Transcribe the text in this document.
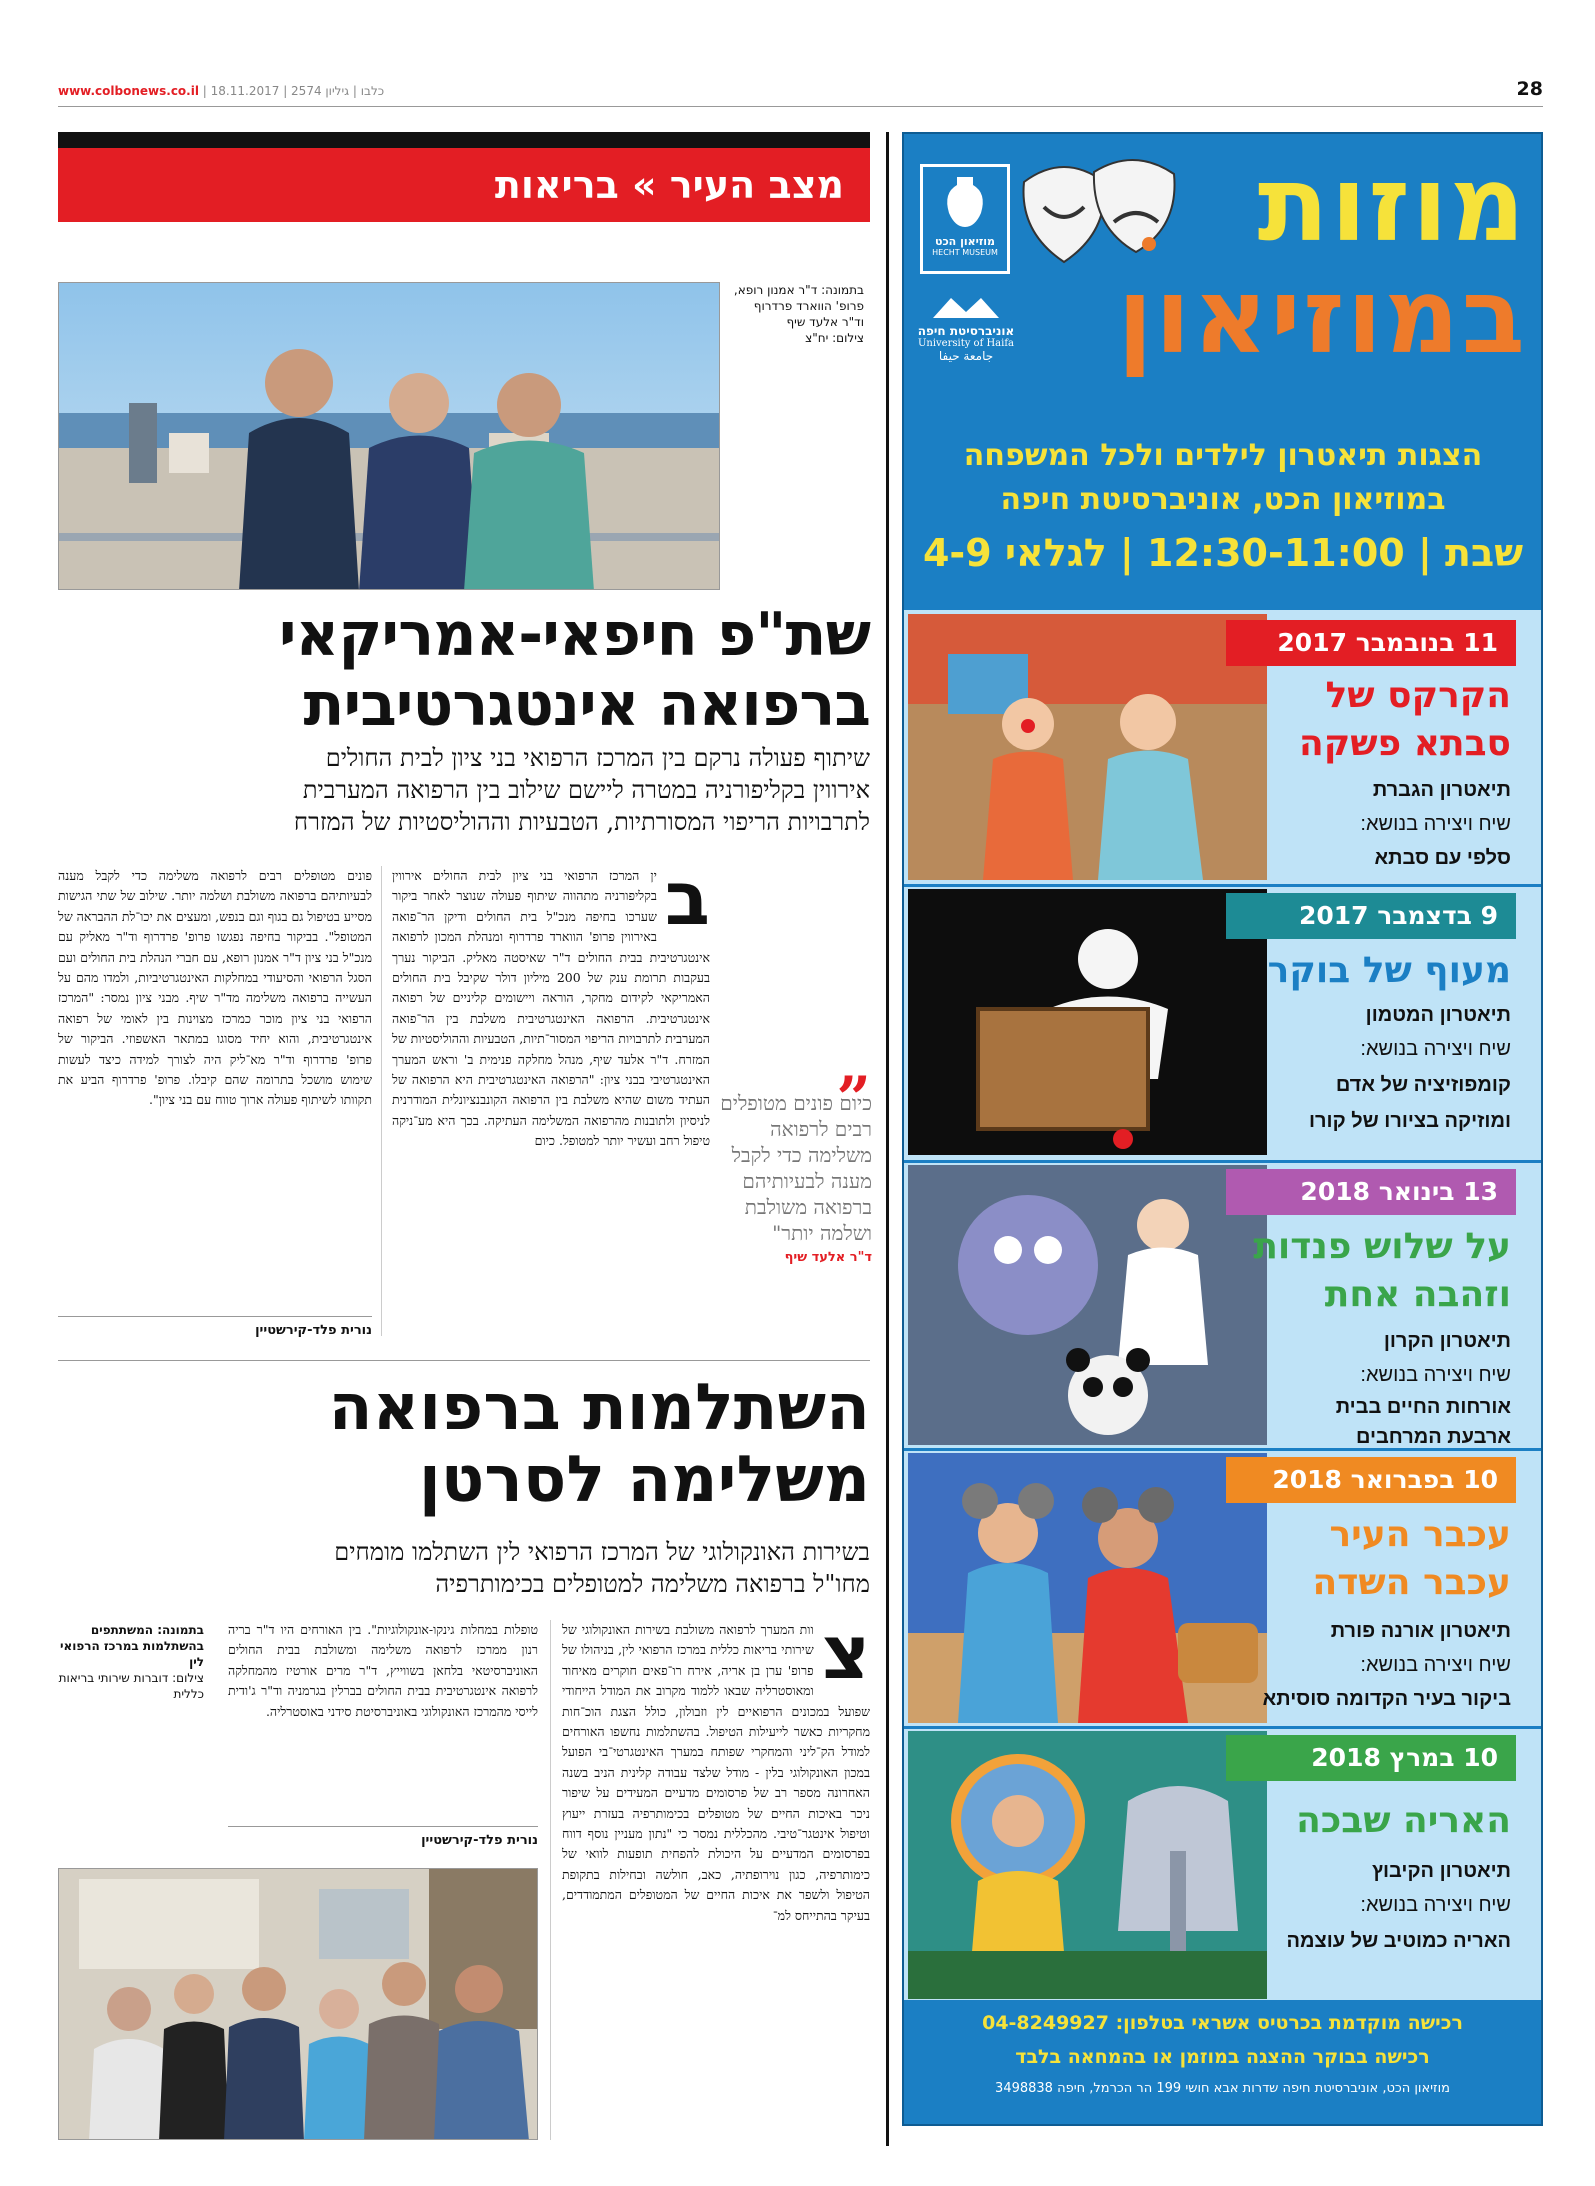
www.colbonews.co.il | כלבו | גיליון 2574 | 18.11.2017	28
מצב העיר » בריאות
בתמונה: ד"ר אמנון רופא, פרופ' הווארד פרדרוף וד"ר אלעד שיף
צילום: יח"צ
שת"פ חיפאי-אמריקאי
ברפואה אינטגרטיבית
שיתוף פעולה נרקם בין המרכז הרפואי בני ציון לבית החולים
אירווין בקליפורניה במטרה ליישם שילוב בין הרפואה המערבית
לתרבויות הריפוי המסורתיות, הטבעיות וההוליסטיות של המזרח
ב
ין המרכז הרפואי בני ציון לבית החולים אירווין בקליפורניה מתהווה שיתוף פעולה שנוצר לאחר ביקור שערכו בחיפה מנכ"ל בית החולים ודיקן הר־פואה באירווין פרופ' הווארד פרדרוף ומנהלת המכון לרפואה אינטגרטיבית בבית החולים ד"ר שאיסטה מאליק. הביקור נערך בעקבות תרומת ענק של 200 מיליון דולר שקיבל בית החולים האמריקאי לקידום מחקר, הוראה ויישומים קליניים של רפואה אינטגרטיבית. הרפואה האינטגרטיבית משלבת בין הר־פואה המערבית לתרבויות הריפוי המסור־תיות, הטבעיות וההוליסטיות של המזרח. ד"ר אלעד שיף, מנהל מחלקה פנימית ב' וראש המערך האינטגרטיבי בבני ציון: "הרפואה האינטגרטיבית היא הרפואה של העתיד משום שהיא משלבת בין הרפואה הקונבנציונלית המודרנית לניסיון ולתובנות מהרפואה המשלימה העתיקה. בכך היא מע־ניקה טיפול רחב ועשיר יותר למטופל. כיום
פונים מטופלים רבים לרפואה משלימה כדי לקבל מענה לבעיותיהם ברפואה משולבת ושלמה יותר. שילוב של שתי הגישות מסייע בטיפול גם בגוף וגם בנפש, ומעצים את יכו־לת ההבראה של המטופל". בביקור בחיפה נפגשו פרופ' פרדרוף וד"ר מאליק עם מנכ"ל בני ציון ד"ר אמנון רופא, עם חברי הנהלת בית החולים ועם הסגל הרפואי והסיעודי במחלקות האינטגרטיביות, ולמדו מהם על העשייה ברפואה משלימה מד"ר שיף. מבני ציון נמסר: "המרכז הרפואי בני ציון מוכר כמרכז מצוינות בין לאומי של רפואה אינטגרטיבית, והוא יחיד מסוגו במתאר האשפוזי. הביקור של פרופ' פרדרוף וד"ר מא־ליק היה לצורך למידה כיצד לעשות שימוש מושכל בתרומה שהם קיבלו. פרופ' פרדרוף הביע את תקוותו לשיתוף פעולה ארוך טווח עם בני ציון".
נורית פלד-קירשטיין
„
כיום פונים מטופלים רבים לרפואה משלימה כדי לקבל מענה לבעיותיהם ברפואה משולבת ושלמה יותר"
ד"ר אלעד שיף
השתלמות ברפואה
משלימה לסרטן
בשירות האונקולוגי של המרכז הרפואי לין השתלמו מומחים
מחו"ל ברפואה משלימה למטופלים בכימותרפיה
צ
וות המערך לרפואה משולבת בשירות האונקולוגי של שירותי בריאות כללית במרכז הרפואי לין, בניהולו של פרופ' ערן בן אריה, אירח רו־פאים חוקרים מאיחוד ומאוסטרליה שבאו ללמוד מקרוב את המודל הייחודי שפועל במכונים הרפואיים לין וזבולון, כולל הצגת הוכ־חות מחקריות כאשר לייעילות הטיפול. בהשתלמות נחשפו האורחים למודל הק־ליני והמחקרי שפותח במערך האינטגרטי־בי הפועל במכון האונקולוגי בלין - מודל שלצד עבודה קלינית הניב בשנה האחרונה מספר רב של פרסומים מדעיים המעידים על שיפור ניכר באיכות החיים של מטופלים בכימותרפיה בעזרת ייעוץ וטיפול אינטגר־טיבי. מהכללית נמסר כי "נתון מעניין נוסף דווח בפרסומים המדעיים על היכולת להפחית תופעות לוואי של כימותרפיה, כגון נוירופתיה, כאב, חולשה ובחילות בתקופת הטיפול ולשפר את איכות החיים של המטופלים המתמודדים, בעיקר בהתייחס למ־
טופלות במחלות גינקו-אונקולוגיות". בין האורחים היו ד"ר בריה רנון ממרכז לרפואה משלימה ומשולבת בבית החולים האוניברסיטאי בלחאן בשווייץ, ד"ר מרים אורטיז מהמחלקה לרפואה אינטגרטיבית בבית החולים בברלין בגרמניה וד"ר ג'ודית לייסי מהמרכז האונקולוגי באוניברסיטת סידני באוסטרליה.
נורית פלד-קירשטיין
בתמונה: המשתתפים בהשתלמות במרכז הרפואי לין
צילום: דוברות שירותי בריאות כללית
מוזות
במוזיאון
מוזיאון הכט
HECHT MUSEUM
אוניברסיטת חיפה
University of Haifa
جامعة حيفا
הצגות תיאטרון לילדים ולכל המשפחה
במוזיאון הכט, אוניברסיטת חיפה
שבת | 12:30-11:00 | לגלאי 4-9
11 בנובמבר 2017
הקרקס של
סבתא פשקה
תיאטרון הגברת
שיח ויצירה בנושא:
סלפי עם סבתא
9 בדצמבר 2017
מעוף של בוקר
תיאטרון המטמון
שיח ויצירה בנושא:
קומפוזיציה של אדם
ומוזיקה בציורו של קורו
13 בינואר 2018
על שלוש פנדות
וזהבה אחת
תיאטרון הקרון
שיח ויצירה בנושא:
אורחות החיים בבית
ארבעת המרחבים
10 בפברואר 2018
עכבר העיר
עכבר השדה
תיאטרון אורנה פורת
שיח ויצירה בנושא:
ביקור בעיר הקדומה סוסיתא
10 במרץ 2018
האריה שבכה
תיאטרון הקיבוץ
שיח ויצירה בנושא:
האריה כמוטיב של עוצמה
רכישה מוקדמת בכרטיס אשראי בטלפון: 04-8249927
רכישה בבוקר ההצגה במוזמן או בהמחאה בלבד
מוזיאון הכט, אוניברסיטת חיפה שדרות אבא חושי 199 הר הכרמל, חיפה 3498838
